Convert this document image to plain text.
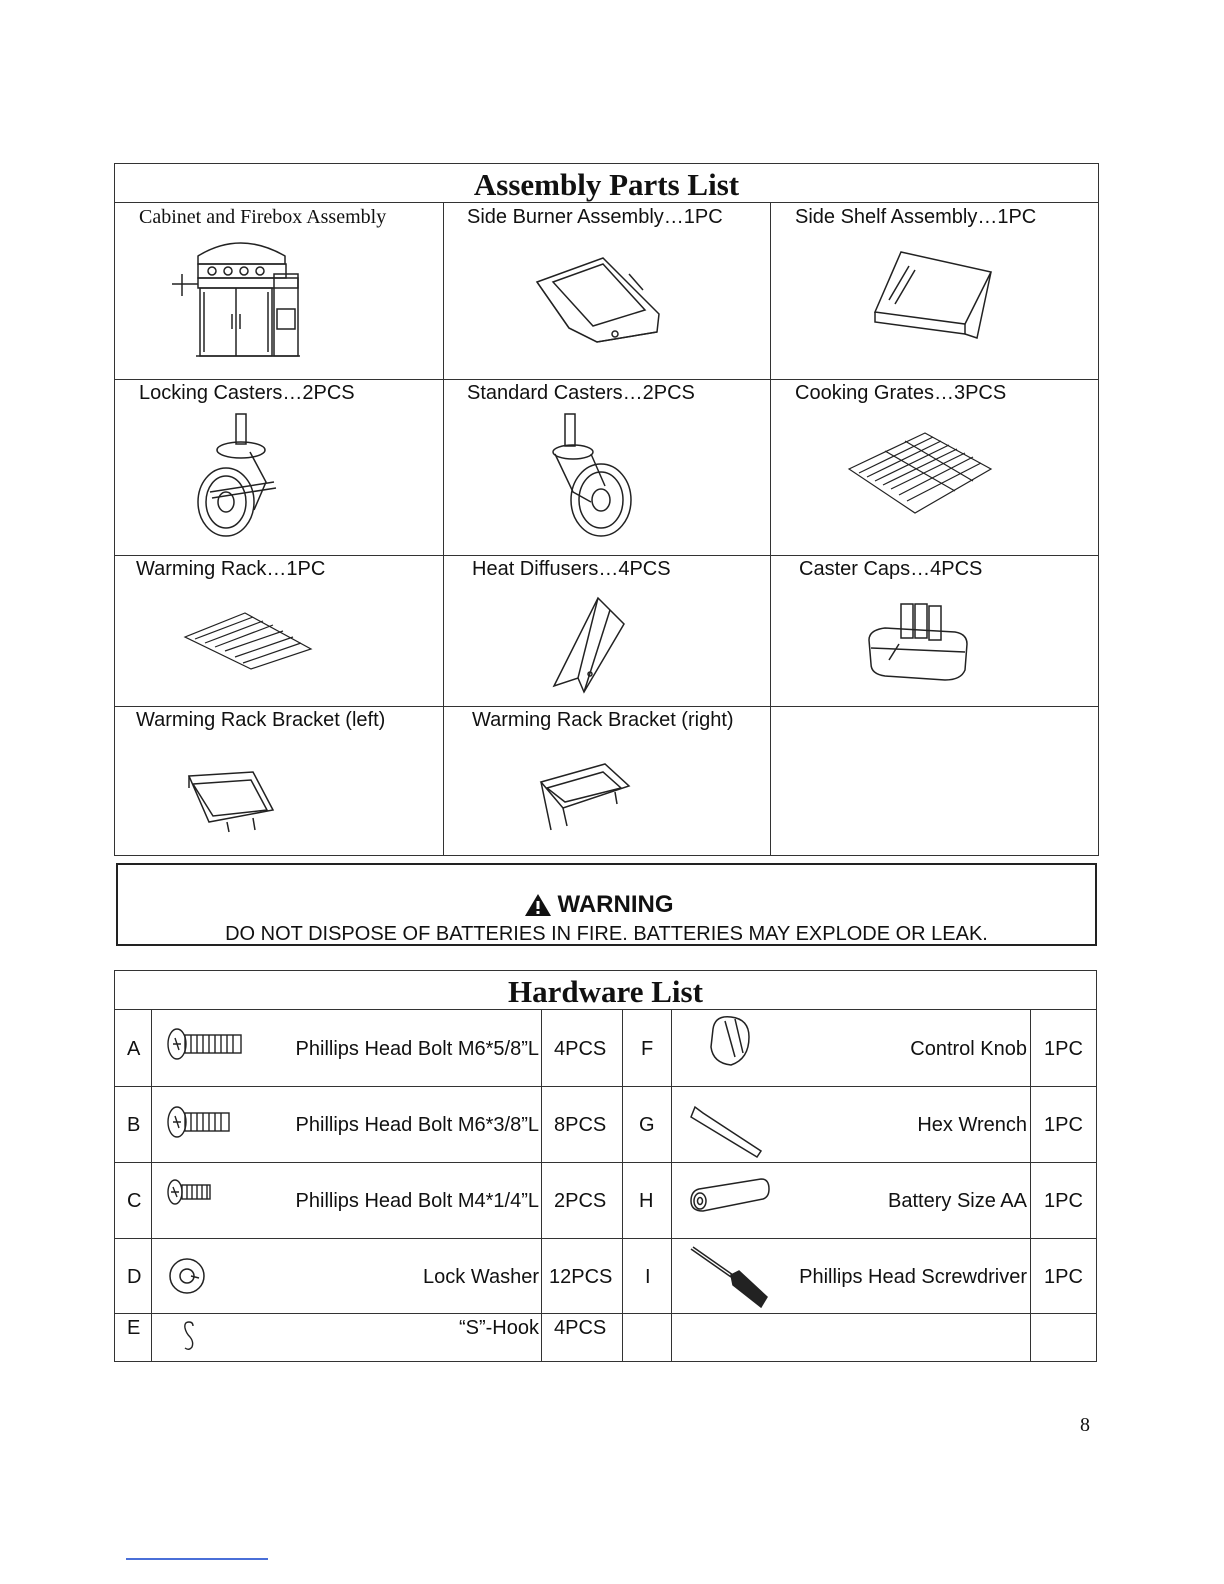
Assembly Parts List
Cabinet and Firebox Assembly	Side Burner Assembly…1PC	Side Shelf Assembly…1PC
Locking Casters…2PCS	Standard Casters…2PCS	Cooking Grates…3PCS
Warming Rack…1PC	Heat Diffusers…4PCS	Caster Caps…4PCS
Warming Rack Bracket (left)	Warming Rack Bracket (right)
WARNING
DO NOT DISPOSE OF BATTERIES IN FIRE. BATTERIES MAY EXPLODE OR LEAK.
Hardware List
A	Phillips Head Bolt M6*5/8”L 4PCS F	Control Knob 1PC
B	Phillips Head Bolt M6*3/8”L 8PCS G	Hex Wrench 1PC
C	Phillips Head Bolt M4*1/4”L 2PCS H	Battery Size AA 1PC
D	Lock Washer 12PCS I	Phillips Head Screwdriver 1PC
E	“S”-Hook 4PCS
8
